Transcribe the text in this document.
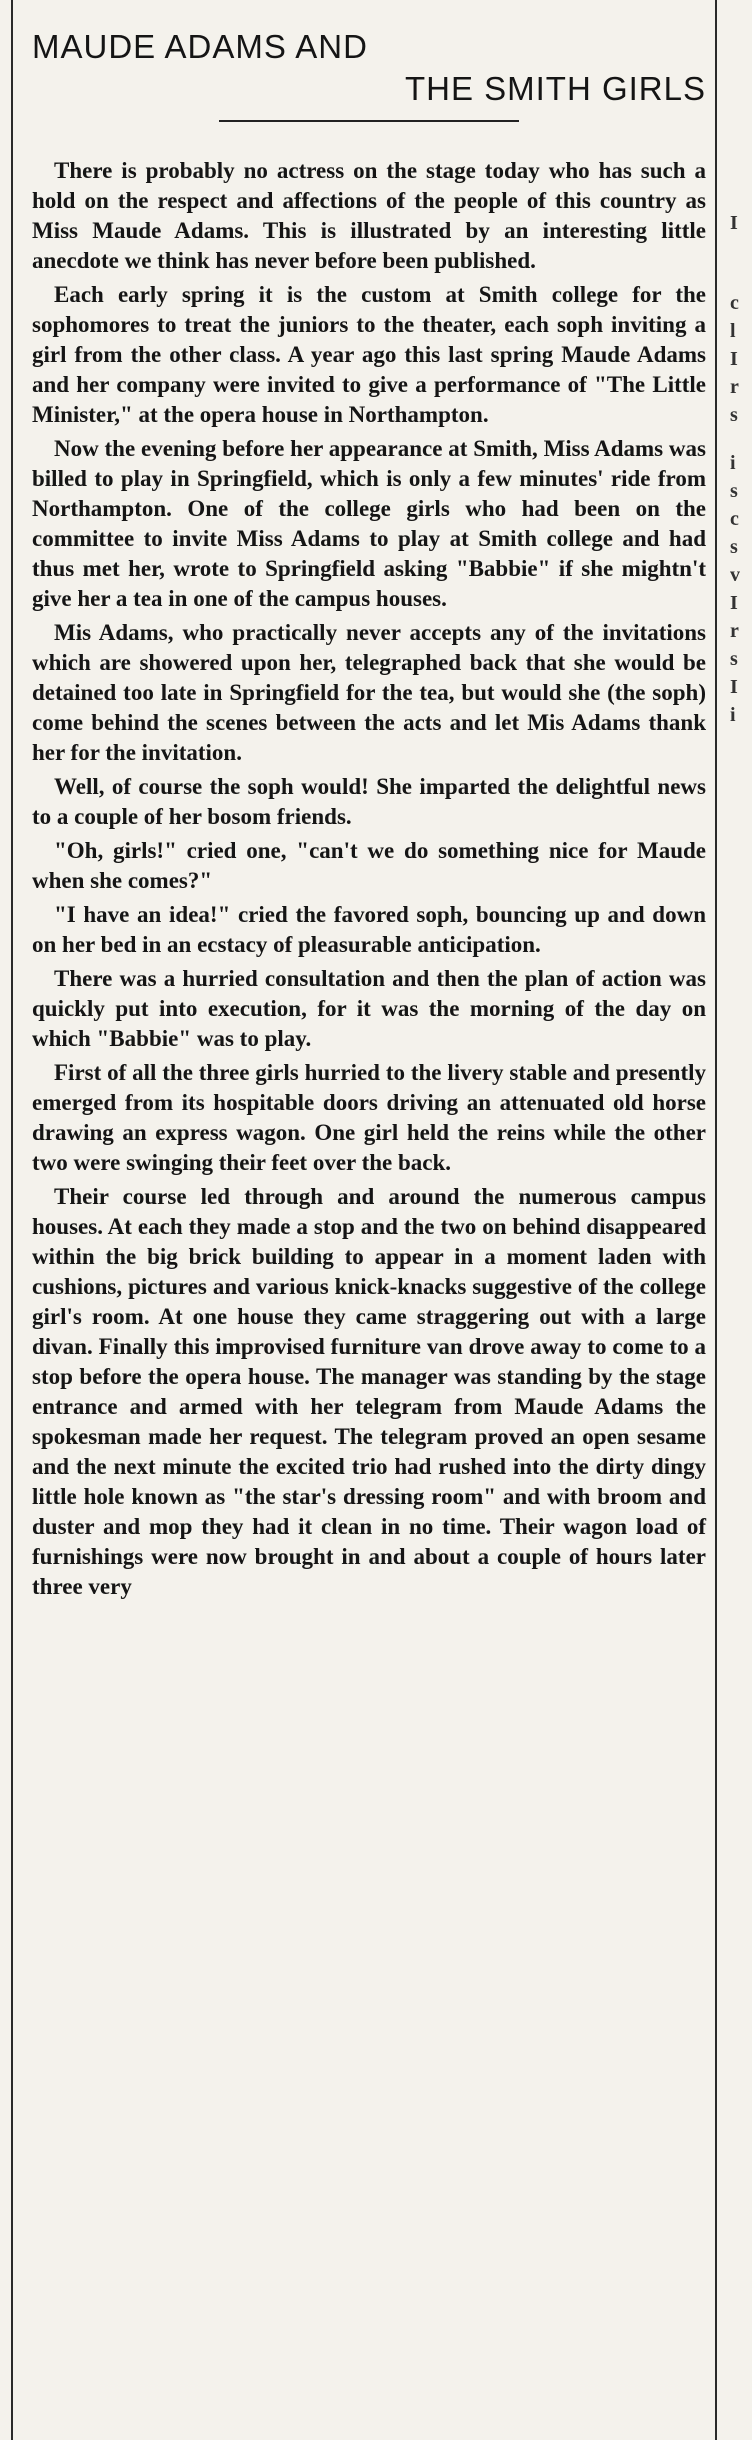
MAUDE ADAMS AND
THE SMITH GIRLS

There is probably no actress on the stage today who has such a hold on the respect and affections of the people of this country as Miss Maude Adams. This is illustrated by an interesting little anecdote we think has never before been published.

Each early spring it is the custom at Smith college for the sophomores to treat the juniors to the theater, each soph inviting a girl from the other class. A year ago this last spring Maude Adams and her company were invited to give a performance of "The Little Minister," at the opera house in Northampton.

Now the evening before her appearance at Smith, Miss Adams was billed to play in Springfield, which is only a few minutes' ride from Northampton. One of the college girls who had been on the committee to invite Miss Adams to play at Smith college and had thus met her, wrote to Springfield asking "Babbie" if she mightn't give her a tea in one of the campus houses.

Mis Adams, who practically never accepts any of the invitations which are showered upon her, telegraphed back that she would be detained too late in Springfield for the tea, but would she (the soph) come behind the scenes between the acts and let Mis Adams thank her for the invitation.

Well, of course the soph would! She imparted the delightful news to a couple of her bosom friends.

"Oh, girls!" cried one, "can't we do something nice for Maude when she comes?"

"I have an idea!" cried the favored soph, bouncing up and down on her bed in an ecstacy of pleasurable anticipation.

There was a hurried consultation and then the plan of action was quickly put into execution, for it was the morning of the day on which "Babbie" was to play.

First of all the three girls hurried to the livery stable and presently emerged from its hospitable doors driving an attenuated old horse drawing an express wagon. One girl held the reins while the other two were swinging their feet over the back.

Their course led through and around the numerous campus houses. At each they made a stop and the two on behind disappeared within the big brick building to appear in a moment laden with cushions, pictures and various knick-knacks suggestive of the college girl's room. At one house they came straggering out with a large divan. Finally this improvised furniture van drove away to come to a stop before the opera house. The manager was standing by the stage entrance and armed with her telegram from Maude Adams the spokesman made her request. The telegram proved an open sesame and the next minute the excited trio had rushed into the dirty dingy little hole known as "the star's dressing room" and with broom and duster and mop they had it clean in no time. Their wagon load of furnishings were now brought in and about a couple of hours later three very

I
c
l
I
r
s
i
s
c
s
v
I
r
s
I
i
